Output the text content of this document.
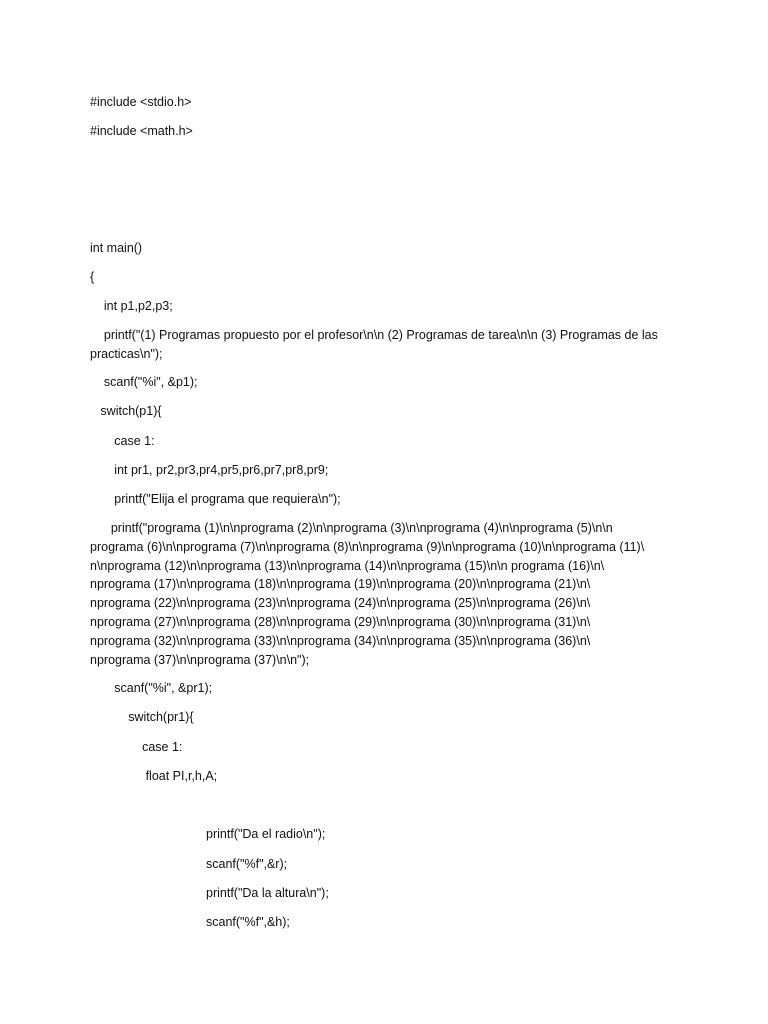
#include <stdio.h>

#include <math.h>

int main()

{

int p1,p2,p3;

printf("(1) Programas propuesto por el profesor\n\n (2) Programas de tarea\n\n (3) Programas de las
practicas\n");

scanf("%i", &p1);

switch(p1){

case 1:

int pr1, pr2,pr3,pr4,pr5,pr6,pr7,pr8,pr9;

printf("Elija el programa que requiera\n");

printf("programa (1)\n\nprograma (2)\n\nprograma (3)\n\nprograma (4)\n\nprograma (5)\n\n
programa (6)\n\nprograma (7)\n\nprograma (8)\n\nprograma (9)\n\nprograma (10)\n\nprograma (11)\
n\nprograma (12)\n\nprograma (13)\n\nprograma (14)\n\nprograma (15)\n\n programa (16)\n\
nprograma (17)\n\nprograma (18)\n\nprograma (19)\n\nprograma (20)\n\nprograma (21)\n\
nprograma (22)\n\nprograma (23)\n\nprograma (24)\n\nprograma (25)\n\nprograma (26)\n\
nprograma (27)\n\nprograma (28)\n\nprograma (29)\n\nprograma (30)\n\nprograma (31)\n\
nprograma (32)\n\nprograma (33)\n\nprograma (34)\n\nprograma (35)\n\nprograma (36)\n\
nprograma (37)\n\nprograma (37)\n\n");

scanf("%i", &pr1);

switch(pr1){

case 1:

float PI,r,h,A;

printf("Da el radio\n");

scanf("%f",&r);

printf("Da la altura\n");

scanf("%f",&h);
